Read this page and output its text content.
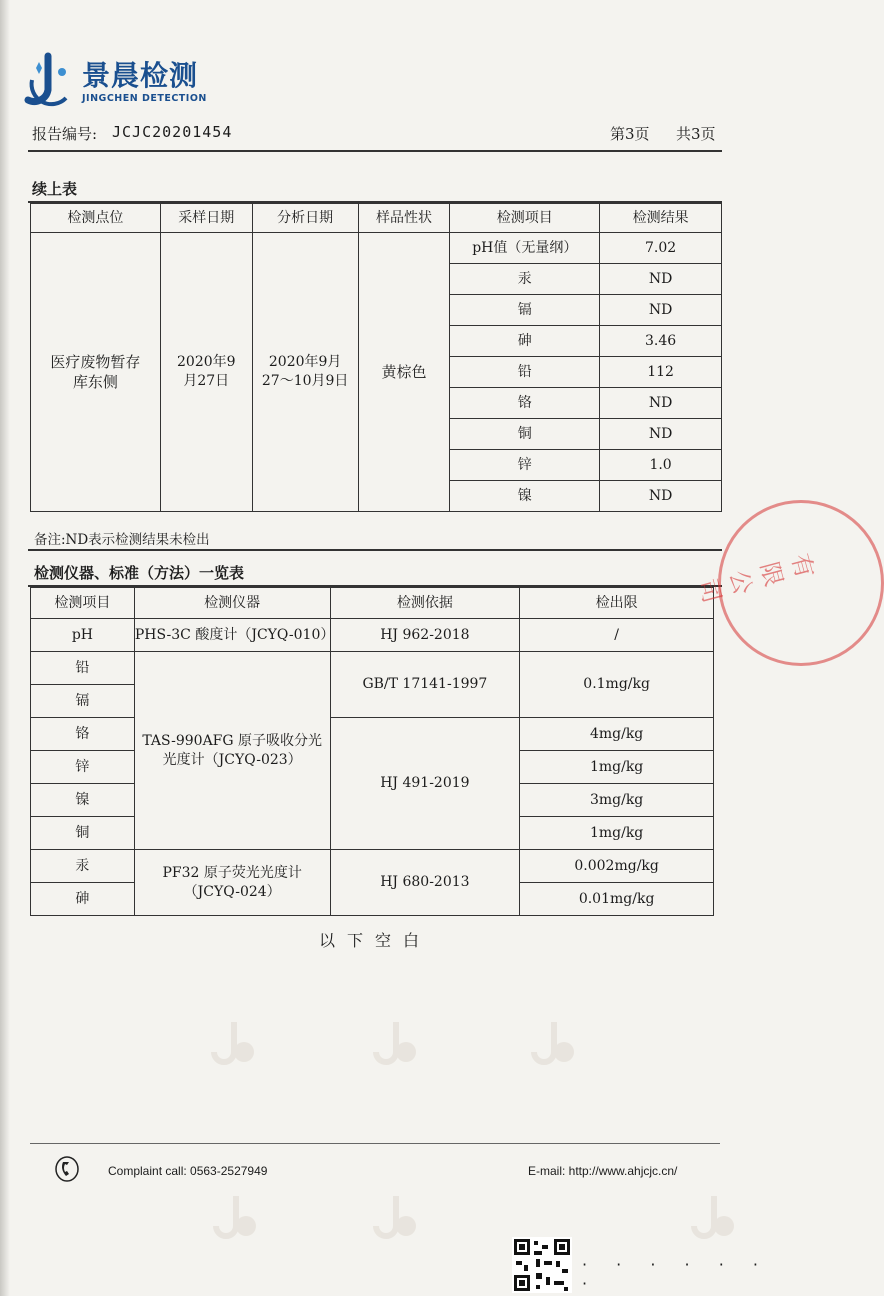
景晨检测
JINGCHEN DETECTION
报告编号: JCJC20201454	第3页 共3页
续上表
检测点位	采样日期	分析日期	样品性状	检测项目	检测结果
医疗废物暂存库东侧	2020年9月27日	2020年9月27～10月9日	黄棕色	pH值（无量纲）	7.02
				汞	ND
				镉	ND
				砷	3.46
				铅	112
				铬	ND
				铜	ND
				锌	1.0
				镍	ND
备注:ND表示检测结果未检出
检测仪器、标准（方法）一览表
检测项目	检测仪器	检测依据	检出限
pH	PHS-3C 酸度计（JCYQ-010）	HJ 962-2018	/
铅	TAS-990AFG 原子吸收分光光度计（JCYQ-023）	GB/T 17141-1997	0.1mg/kg
镉			
铬		HJ 491-2019	4mg/kg
锌			1mg/kg
镍			3mg/kg
铜			1mg/kg
汞	PF32 原子荧光光度计（JCYQ-024）	HJ 680-2013	0.002mg/kg
砷			0.01mg/kg
以下空白
有限公司
Complaint call: 0563-2527949	E-mail: http://www.ahjcjc.cn/
· · · · · · ·
